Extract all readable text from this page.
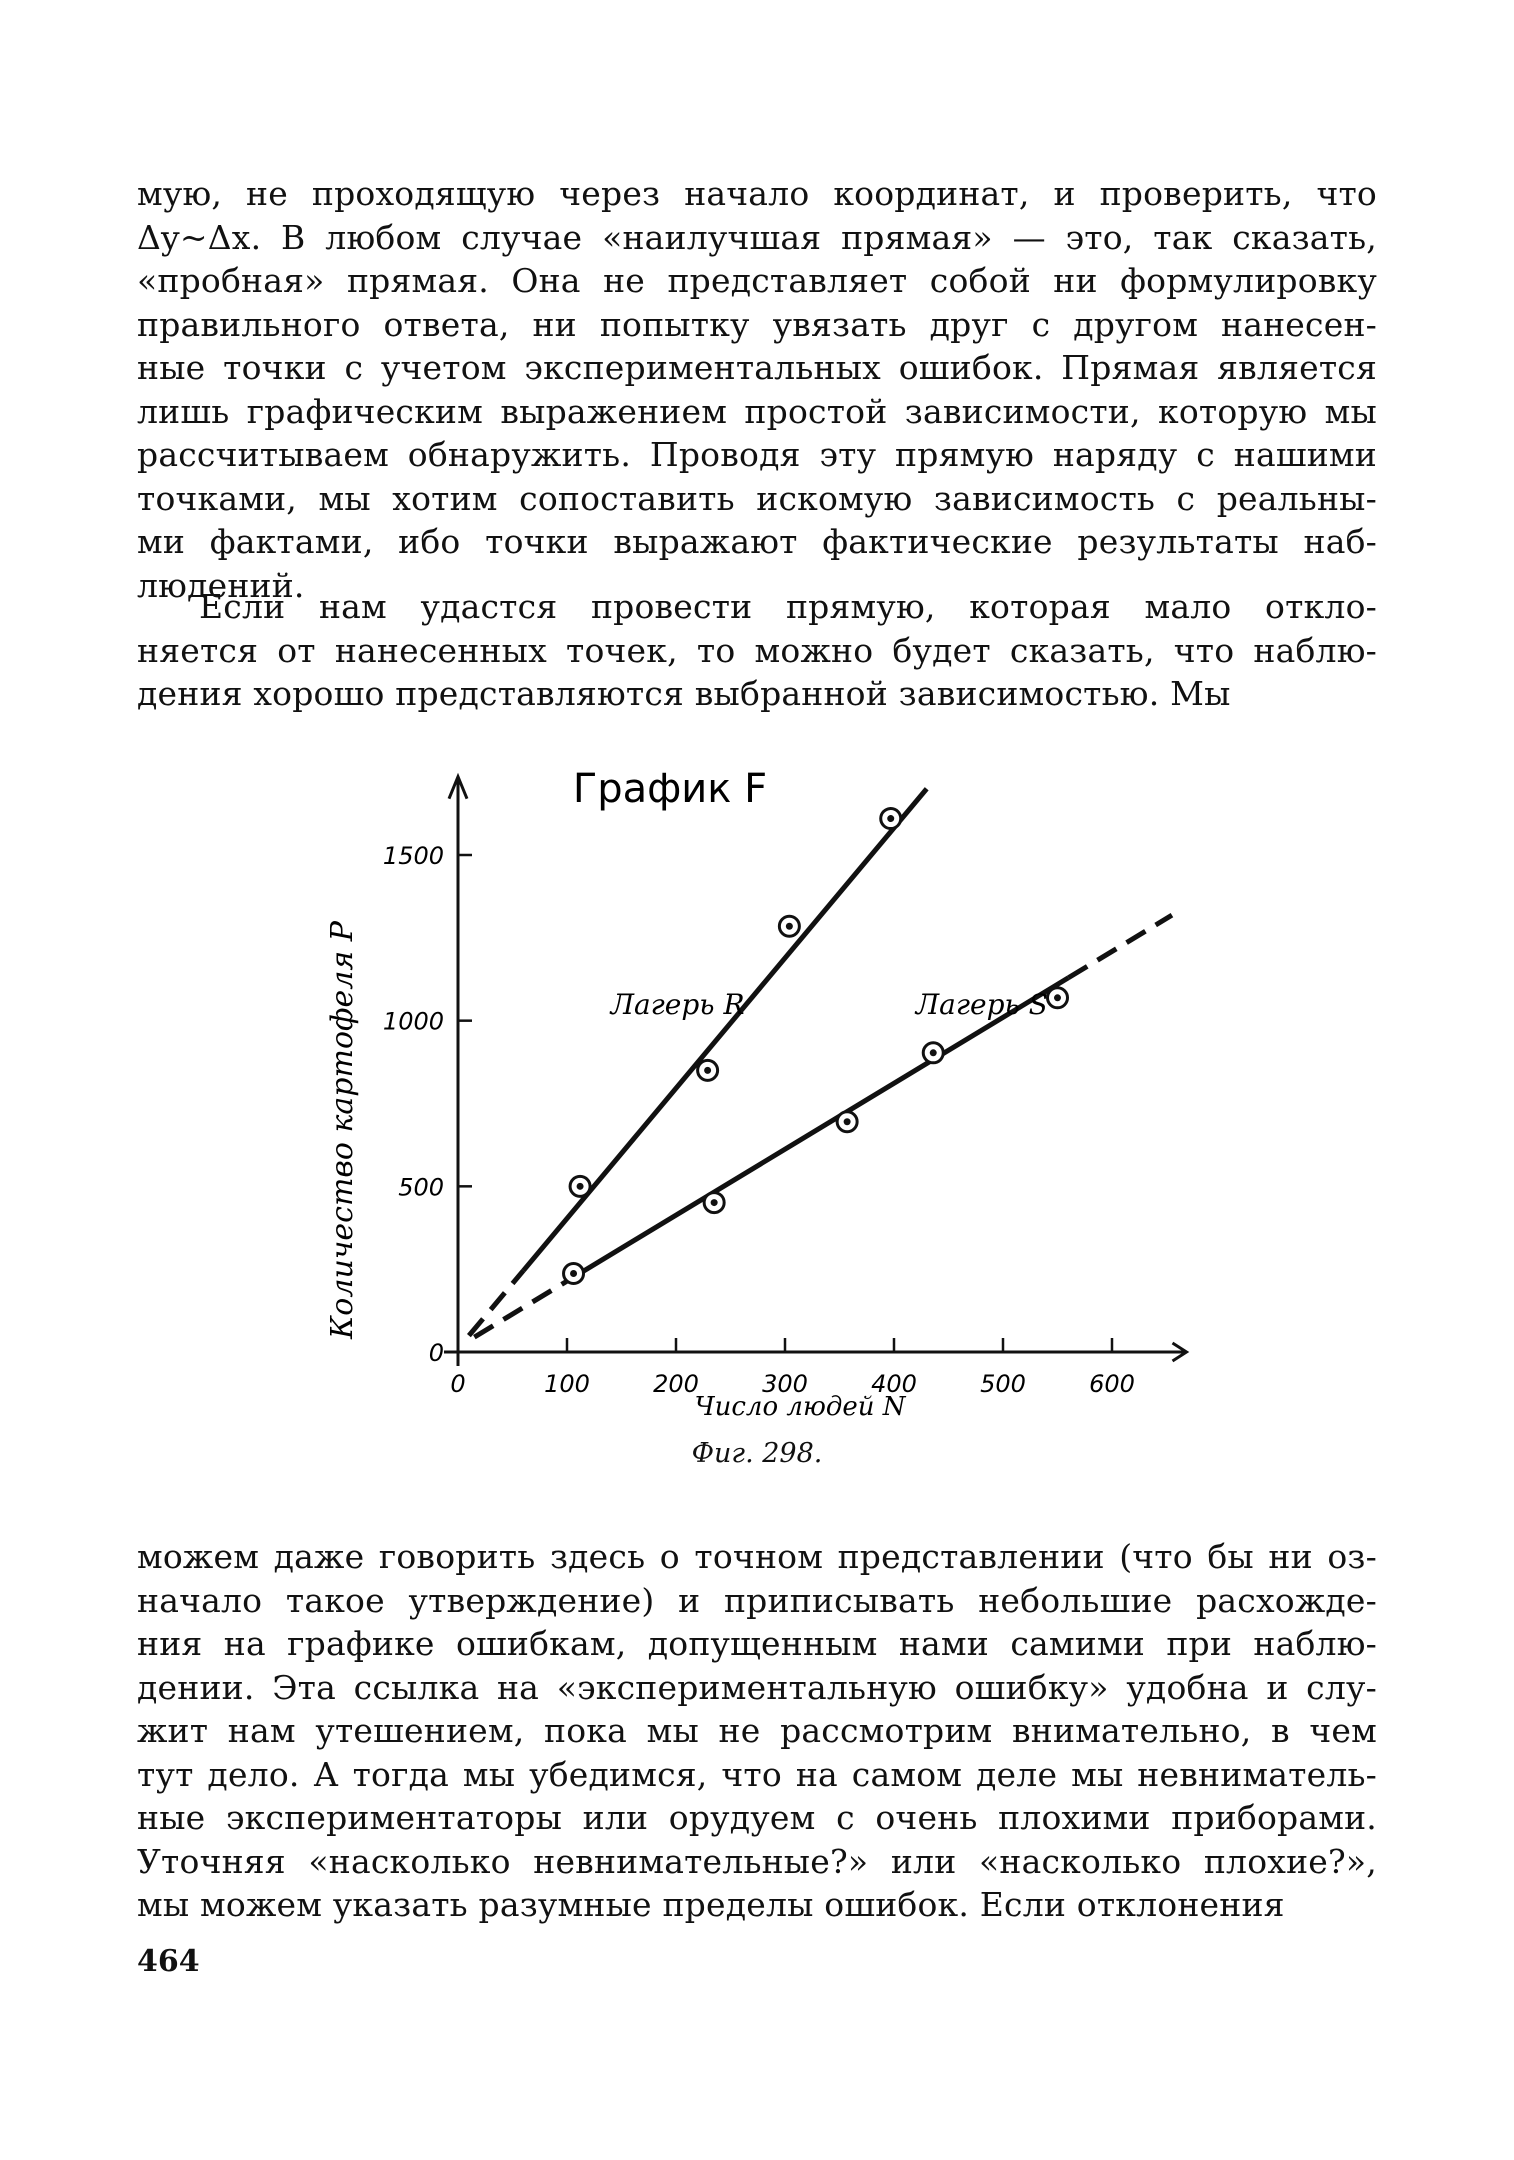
мую, не проходящую через начало координат, и проверить, что
Δy~Δx. В любом случае «наилучшая прямая» — это, так сказать,
«пробная» прямая. Она не представляет собой ни формулировку
правильного ответа, ни попытку увязать друг с другом нанесен-
ные точки с учетом экспериментальных ошибок. Прямая является
лишь графическим выражением простой зависимости, которую мы
рассчитываем обнаружить. Проводя эту прямую наряду с нашими
точками, мы хотим сопоставить искомую зависимость с реальны-
ми фактами, ибо точки выражают фактические результаты наб-
людений.
Если нам удастся провести прямую, которая мало откло-
няется от нанесенных точек, то можно будет сказать, что наблю-
дения хорошо представляются выбранной зависимостью. Мы
0	100	200	300	400	500	600
0
500
1000
1500
График F
Число людей N
Количество картофеля P	Лагерь R	Лагерь S
Фиг. 298.
можем даже говорить здесь о точном представлении (что бы ни оз-
начало такое утверждение) и приписывать небольшие расхожде-
ния на графике ошибкам, допущенным нами самими при наблю-
дении. Эта ссылка на «экспериментальную ошибку» удобна и слу-
жит нам утешением, пока мы не рассмотрим внимательно, в чем
тут дело. А тогда мы убедимся, что на самом деле мы невниматель-
ные экспериментаторы или орудуем с очень плохими приборами.
Уточняя «насколько невнимательные?» или «насколько плохие?»,
мы можем указать разумные пределы ошибок. Если отклонения
464
